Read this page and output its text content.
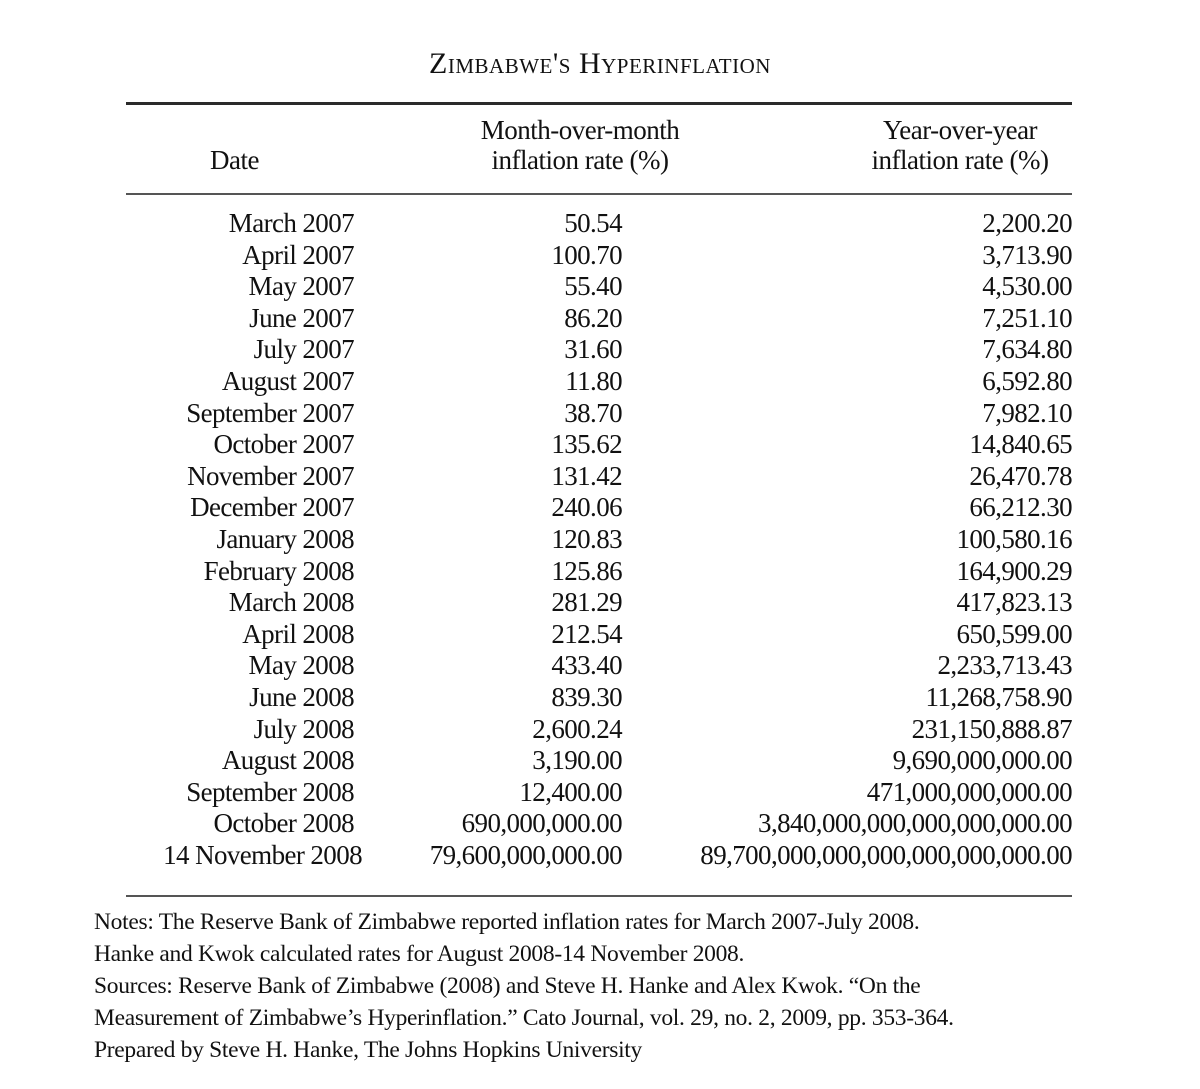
Zimbabwe's Hyperinflation
Date
Month-over-month
inflation rate (%)
Year-over-year
inflation rate (%)
March 2007	50.54	2,200.20
April 2007	100.70	3,713.90
May 2007	55.40	4,530.00
June 2007	86.20	7,251.10
July 2007	31.60	7,634.80
August 2007	11.80	6,592.80
September 2007	38.70	7,982.10
October 2007	135.62	14,840.65
November 2007	131.42	26,470.78
December 2007	240.06	66,212.30
January 2008	120.83	100,580.16
February 2008	125.86	164,900.29
March 2008	281.29	417,823.13
April 2008	212.54	650,599.00
May 2008	433.40	2,233,713.43
June 2008	839.30	11,268,758.90
July 2008	2,600.24	231,150,888.87
August 2008	3,190.00	9,690,000,000.00
September 2008	12,400.00	471,000,000,000.00
October 2008	690,000,000.00	3,840,000,000,000,000,000.00
14 November 2008	79,600,000,000.00	89,700,000,000,000,000,000,000.00
Notes: The Reserve Bank of Zimbabwe reported inflation rates for March 2007-July 2008.
Hanke and Kwok calculated rates for August 2008-14 November 2008.
Sources: Reserve Bank of Zimbabwe (2008) and Steve H. Hanke and Alex Kwok. “On the
Measurement of Zimbabwe’s Hyperinflation.” Cato Journal, vol. 29, no. 2, 2009, pp. 353-364.
Prepared by Steve H. Hanke, The Johns Hopkins University
